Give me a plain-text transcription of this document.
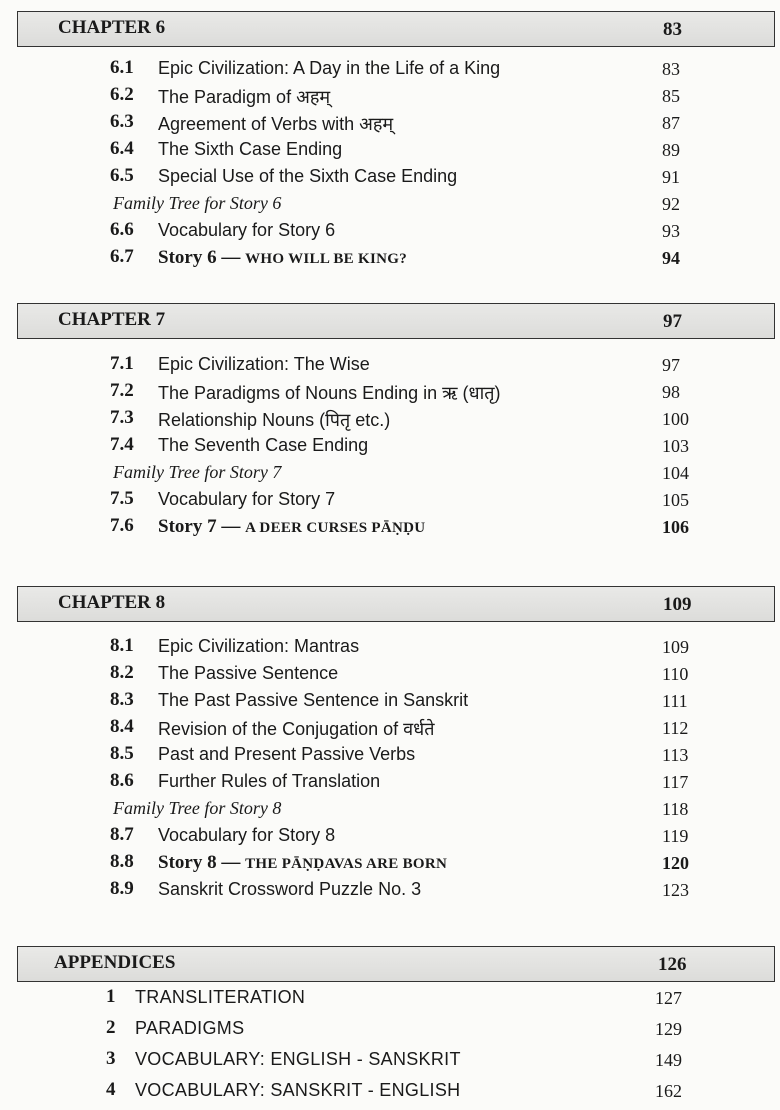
CHAPTER 6	83
6.1 Epic Civilization: A Day in the Life of a King	83
6.2 The Paradigm of अहम्	85
6.3 Agreement of Verbs with अहम्	87
6.4 The Sixth Case Ending	89
6.5 Special Use of the Sixth Case Ending	91
Family Tree for Story 6	92
6.6 Vocabulary for Story 6	93
6.7 Story 6 — WHO WILL BE KING?	94
CHAPTER 7	97
7.1 Epic Civilization: The Wise	97
7.2 The Paradigms of Nouns Ending in ऋ (धातृ)	98
7.3 Relationship Nouns (पितृ etc.)	100
7.4 The Seventh Case Ending	103
Family Tree for Story 7	104
7.5 Vocabulary for Story 7	105
7.6 Story 7 — A DEER CURSES PĀṆḌU	106
CHAPTER 8	109
8.1 Epic Civilization: Mantras	109
8.2 The Passive Sentence	110
8.3 The Past Passive Sentence in Sanskrit	111
8.4 Revision of the Conjugation of वर्धते	112
8.5 Past and Present Passive Verbs	113
8.6 Further Rules of Translation	117
Family Tree for Story 8	118
8.7 Vocabulary for Story 8	119
8.8 Story 8 — THE PĀṆḌAVAS ARE BORN	120
8.9 Sanskrit Crossword Puzzle No. 3	123
APPENDICES	126
1 TRANSLITERATION	127
2 PARADIGMS	129
3 VOCABULARY: ENGLISH - SANSKRIT	149
4 VOCABULARY: SANSKRIT - ENGLISH	162
